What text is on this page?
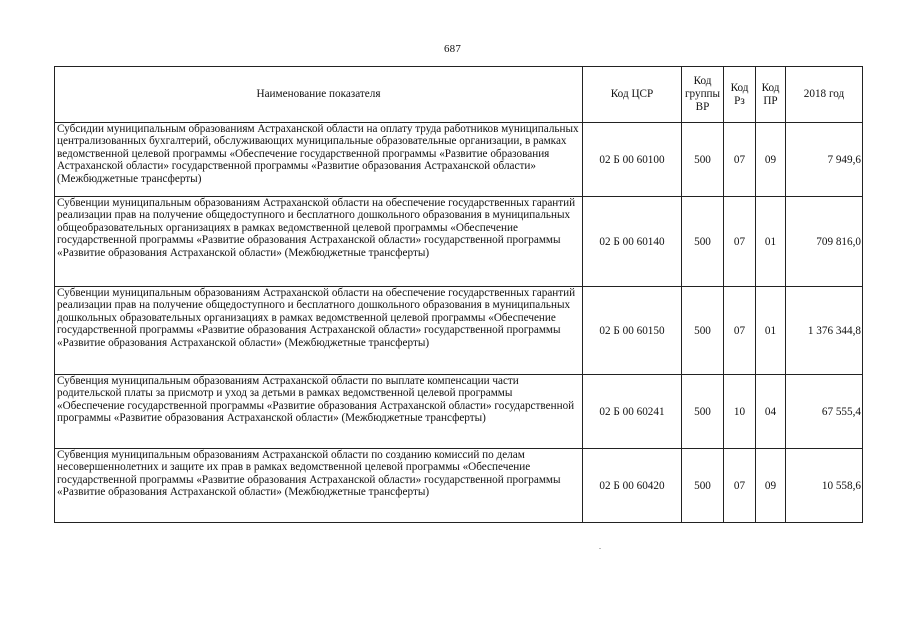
687
Наименование показателя	Код ЦСР	Код группы ВР	Код Рз	Код ПР	2018 год
Субсидии муниципальным образованиям Астраханской области на оплату труда работников муниципальных централизованных бухгалтерий, обслуживающих муниципальные образовательные организации, в рамках ведомственной целевой программы «Обеспечение государственной программы «Развитие образования Астраханской области» государственной программы «Развитие образования Астраханской области» (Межбюджетные трансферты)	02 Б 00 60100	500	07	09	7 949,6
Субвенции муниципальным образованиям Астраханской области на обеспечение государственных гарантий реализации прав на получение общедоступного и бесплатного дошкольного образования в муниципальных общеобразовательных организациях в рамках ведомственной целевой программы «Обеспечение государственной программы «Развитие образования Астраханской области» государственной программы «Развитие образования Астраханской области» (Межбюджетные трансферты)	02 Б 00 60140	500	07	01	709 816,0
Субвенции муниципальным образованиям Астраханской области на обеспечение государственных гарантий реализации прав на получение общедоступного и бесплатного дошкольного образования в муниципальных дошкольных образовательных организациях в рамках ведомственной целевой программы «Обеспечение государственной программы «Развитие образования Астраханской области» государственной программы «Развитие образования Астраханской области» (Межбюджетные трансферты)	02 Б 00 60150	500	07	01	1 376 344,8
Субвенция муниципальным образованиям Астраханской области по выплате компенсации части родительской платы за присмотр и уход за детьми в рамках ведомственной целевой программы «Обеспечение государственной программы «Развитие образования Астраханской области» государственной программы «Развитие образования Астраханской области» (Межбюджетные трансферты)	02 Б 00 60241	500	10	04	67 555,4
Субвенция муниципальным образованиям Астраханской области по созданию комиссий по делам несовершеннолетних и защите их прав в рамках ведомственной целевой программы «Обеспечение государственной программы «Развитие образования Астраханской области» государственной программы «Развитие образования Астраханской области» (Межбюджетные трансферты)	02 Б 00 60420	500	07	09	10 558,6
